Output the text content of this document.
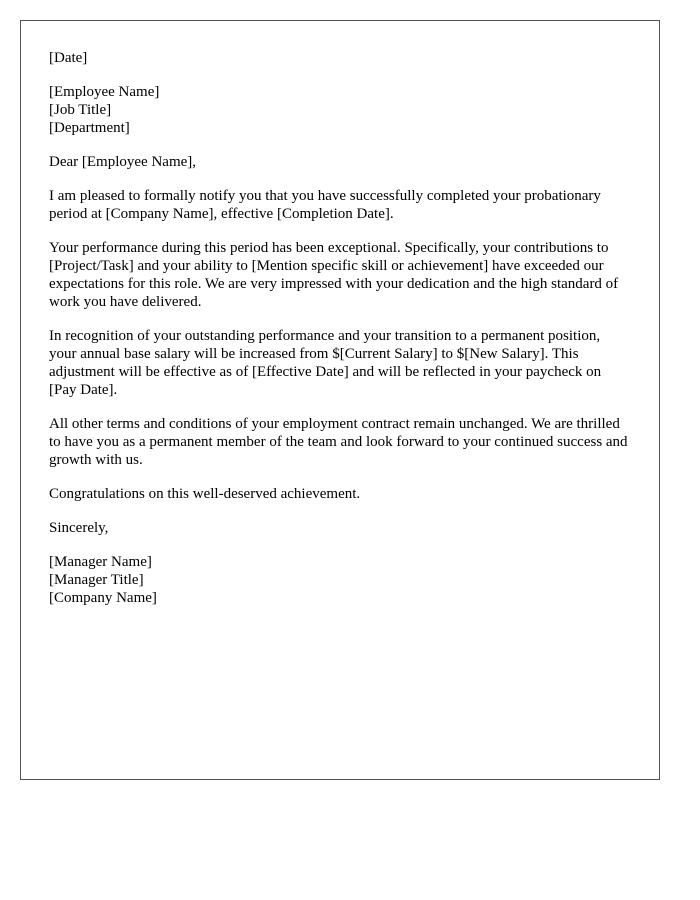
[Date]

[Employee Name]
[Job Title]
[Department]

Dear [Employee Name],

I am pleased to formally notify you that you have successfully completed your probationary period at [Company Name], effective [Completion Date].

Your performance during this period has been exceptional. Specifically, your contributions to [Project/Task] and your ability to [Mention specific skill or achievement] have exceeded our expectations for this role. We are very impressed with your dedication and the high standard of work you have delivered.

In recognition of your outstanding performance and your transition to a permanent position, your annual base salary will be increased from $[Current Salary] to $[New Salary]. This adjustment will be effective as of [Effective Date] and will be reflected in your paycheck on [Pay Date].

All other terms and conditions of your employment contract remain unchanged. We are thrilled to have you as a permanent member of the team and look forward to your continued success and growth with us.

Congratulations on this well-deserved achievement.

Sincerely,

[Manager Name]
[Manager Title]
[Company Name]
